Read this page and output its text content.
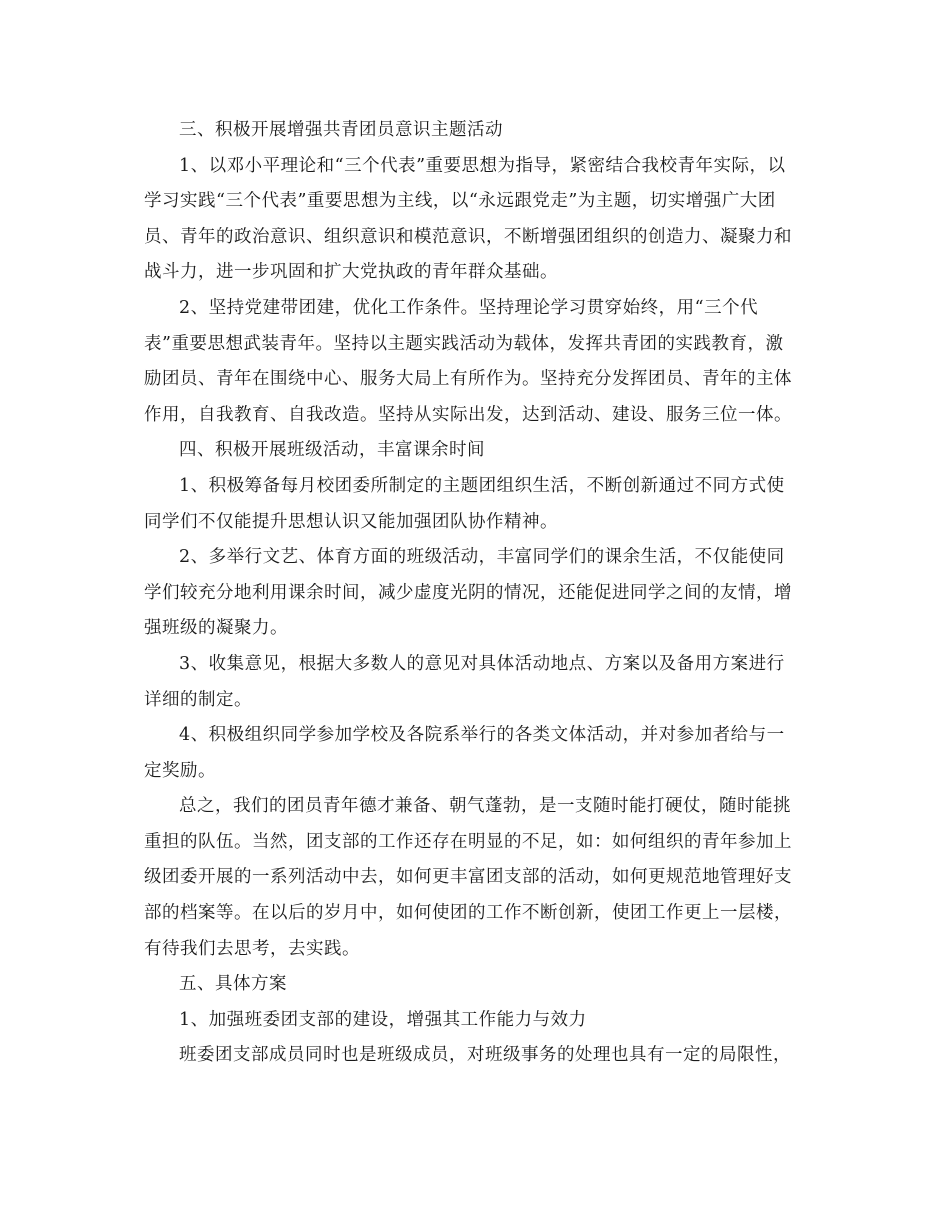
三、积极开展增强共青团员意识主题活动
1、以邓小平理论和“三个代表”重要思想为指导，紧密结合我校青年实际，以
学习实践“三个代表”重要思想为主线，以“永远跟党走”为主题，切实增强广大团
员、青年的政治意识、组织意识和模范意识，不断增强团组织的创造力、凝聚力和
战斗力，进一步巩固和扩大党执政的青年群众基础。
2、坚持党建带团建，优化工作条件。坚持理论学习贯穿始终，用“三个代
表”重要思想武装青年。坚持以主题实践活动为载体，发挥共青团的实践教育，激
励团员、青年在围绕中心、服务大局上有所作为。坚持充分发挥团员、青年的主体
作用，自我教育、自我改造。坚持从实际出发，达到活动、建设、服务三位一体。
四、积极开展班级活动，丰富课余时间
1、积极筹备每月校团委所制定的主题团组织生活，不断创新通过不同方式使
同学们不仅能提升思想认识又能加强团队协作精神。
2、多举行文艺、体育方面的班级活动，丰富同学们的课余生活，不仅能使同
学们较充分地利用课余时间，减少虚度光阴的情况，还能促进同学之间的友情，增
强班级的凝聚力。
3、收集意见，根据大多数人的意见对具体活动地点、方案以及备用方案进行
详细的制定。
4、积极组织同学参加学校及各院系举行的各类文体活动，并对参加者给与一
定奖励。
总之，我们的团员青年德才兼备、朝气蓬勃，是一支随时能打硬仗，随时能挑
重担的队伍。当然，团支部的工作还存在明显的不足，如：如何组织的青年参加上
级团委开展的一系列活动中去，如何更丰富团支部的活动，如何更规范地管理好支
部的档案等。在以后的岁月中，如何使团的工作不断创新，使团工作更上一层楼，
有待我们去思考，去实践。
五、具体方案
1、加强班委团支部的建设，增强其工作能力与效力
班委团支部成员同时也是班级成员，对班级事务的处理也具有一定的局限性，
